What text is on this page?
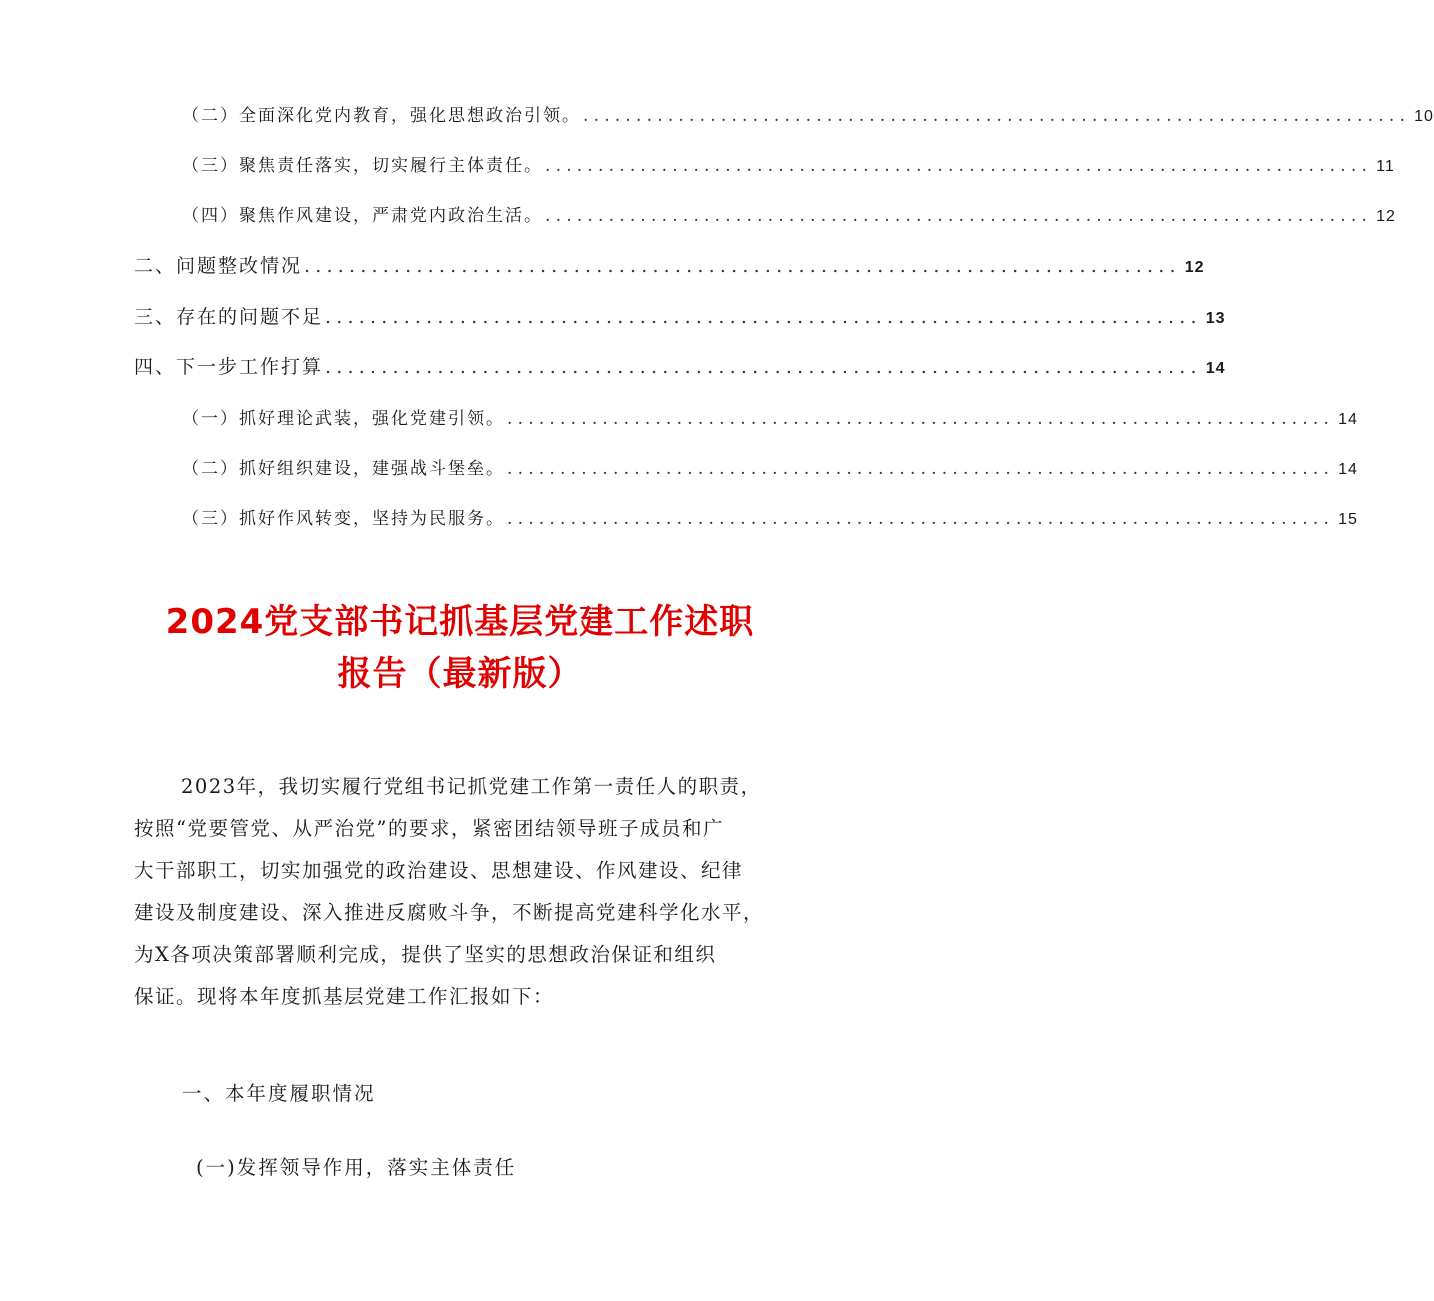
（二）全面深化党内教育，强化思想政治引领。 .............................................................................. 10
（三）聚焦责任落实，切实履行主体责任。 .............................................................................. 11
（四）聚焦作风建设，严肃党内政治生活。 .............................................................................. 12
二、问题整改情况 .............................................................................. 12
三、存在的问题不足 .............................................................................. 13
四、下一步工作打算 .............................................................................. 14
（一）抓好理论武装，强化党建引领。 .............................................................................. 14
（二）抓好组织建设，建强战斗堡垒。 .............................................................................. 14
（三）抓好作风转变，坚持为民服务。 .............................................................................. 15
2024党支部书记抓基层党建工作述职
报告（最新版）
2023年，我切实履行党组书记抓党建工作第一责任人的职责，
按照“党要管党、从严治党”的要求，紧密团结领导班子成员和广
大干部职工，切实加强党的政治建设、思想建设、作风建设、纪律
建设及制度建设、深入推进反腐败斗争，不断提高党建科学化水平，
为X各项决策部署顺利完成，提供了坚实的思想政治保证和组织
保证。现将本年度抓基层党建工作汇报如下：
一、本年度履职情况
(一)发挥领导作用，落实主体责任
